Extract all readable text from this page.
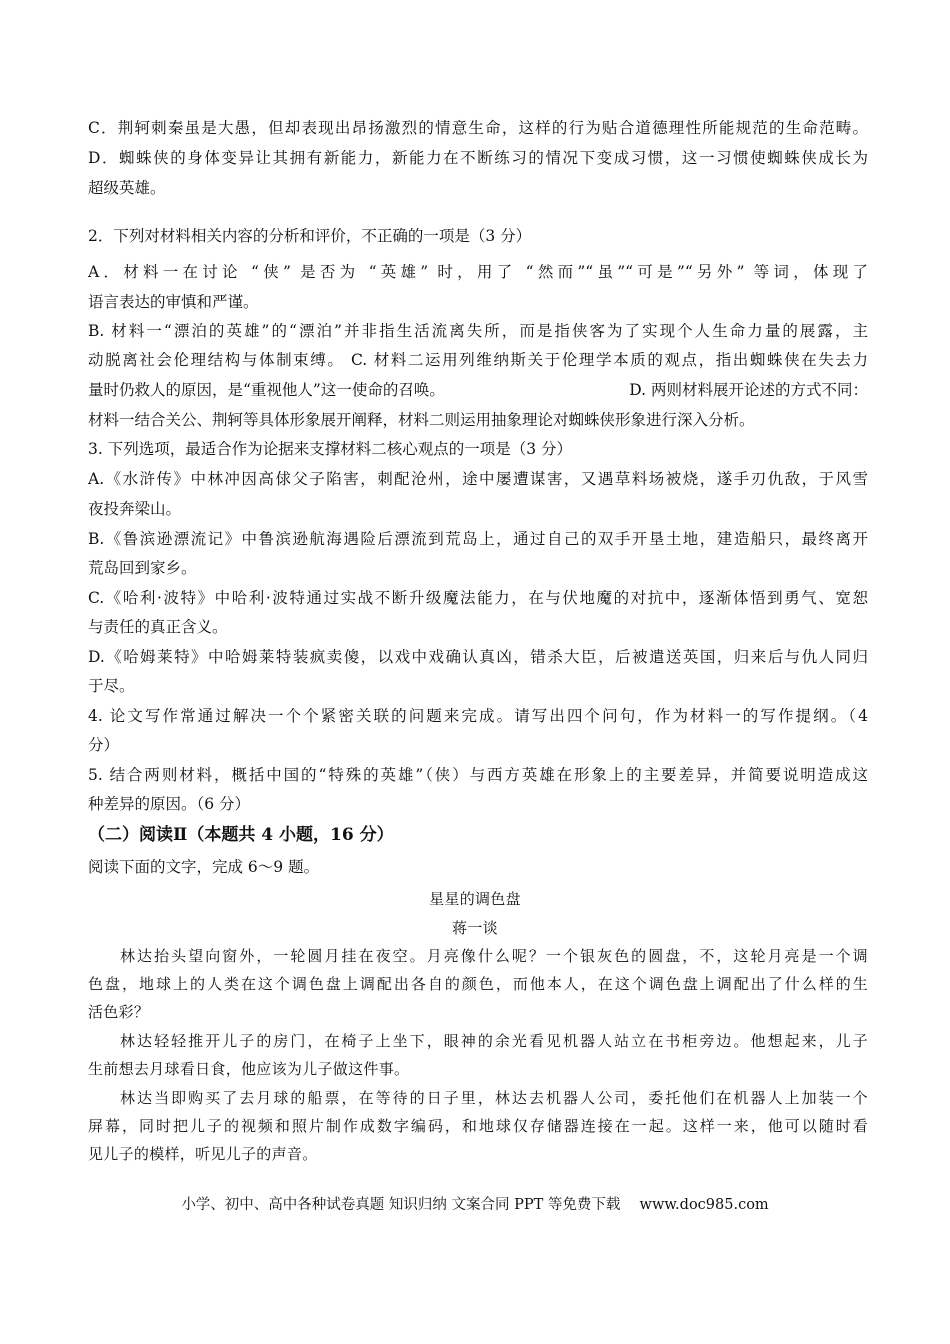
C．荆轲刺秦虽是大愚，但却表现出昂扬激烈的情意生命，这样的行为贴合道德理性所能规范的生命范畴。
D．蜘蛛侠的身体变异让其拥有新能力，新能力在不断练习的情况下变成习惯，这一习惯使蜘蛛侠成长为
超级英雄。
2．下列对材料相关内容的分析和评价，不正确的一项是（3 分）
A．材料一在讨论 “侠” 是否为 “英雄” 时，用了 “然而”“虽”“可是”“另外” 等词，体现了
语言表达的审慎和严谨。
B. 材料一“漂泊的英雄”的“漂泊”并非指生活流离失所，而是指侠客为了实现个人生命力量的展露，主
动脱离社会伦理结构与体制束缚。 C. 材料二运用列维纳斯关于伦理学本质的观点，指出蜘蛛侠在失去力
量时仍救人的原因，是“重视他人”这一使命的召唤。	D. 两则材料展开论述的方式不同：
材料一结合关公、荆轲等具体形象展开阐释，材料二则运用抽象理论对蜘蛛侠形象进行深入分析。
3. 下列选项，最适合作为论据来支撑材料二核心观点的一项是（3 分）
A.《水浒传》中林冲因高俅父子陷害，刺配沧州，途中屡遭谋害，又遇草料场被烧，遂手刃仇敌，于风雪
夜投奔梁山。
B.《鲁滨逊漂流记》中鲁滨逊航海遇险后漂流到荒岛上，通过自己的双手开垦土地，建造船只，最终离开
荒岛回到家乡。
C.《哈利·波特》中哈利·波特通过实战不断升级魔法能力，在与伏地魔的对抗中，逐渐体悟到勇气、宽恕
与责任的真正含义。
D.《哈姆莱特》中哈姆莱特装疯卖傻，以戏中戏确认真凶，错杀大臣，后被遣送英国，归来后与仇人同归
于尽。
4. 论文写作常通过解决一个个紧密关联的问题来完成。请写出四个问句，作为材料一的写作提纲。（4
分）
5. 结合两则材料，概括中国的“特殊的英雄”（侠）与西方英雄在形象上的主要差异，并简要说明造成这
种差异的原因。（6 分）
（二）阅读Ⅱ（本题共 4 小题，16 分）
阅读下面的文字，完成 6～9 题。
星星的调色盘
蒋一谈
林达抬头望向窗外，一轮圆月挂在夜空。月亮像什么呢？一个银灰色的圆盘，不，这轮月亮是一个调
色盘，地球上的人类在这个调色盘上调配出各自的颜色，而他本人，在这个调色盘上调配出了什么样的生
活色彩？
林达轻轻推开儿子的房门，在椅子上坐下，眼神的余光看见机器人站立在书柜旁边。他想起来，儿子
生前想去月球看日食，他应该为儿子做这件事。
林达当即购买了去月球的船票，在等待的日子里，林达去机器人公司，委托他们在机器人上加装一个
屏幕，同时把儿子的视频和照片制作成数字编码，和地球仅存储器连接在一起。这样一来，他可以随时看
见儿子的模样，听见儿子的声音。
小学、初中、高中各种试卷真题 知识归纳 文案合同 PPT 等免费下载　 www.doc985.com
